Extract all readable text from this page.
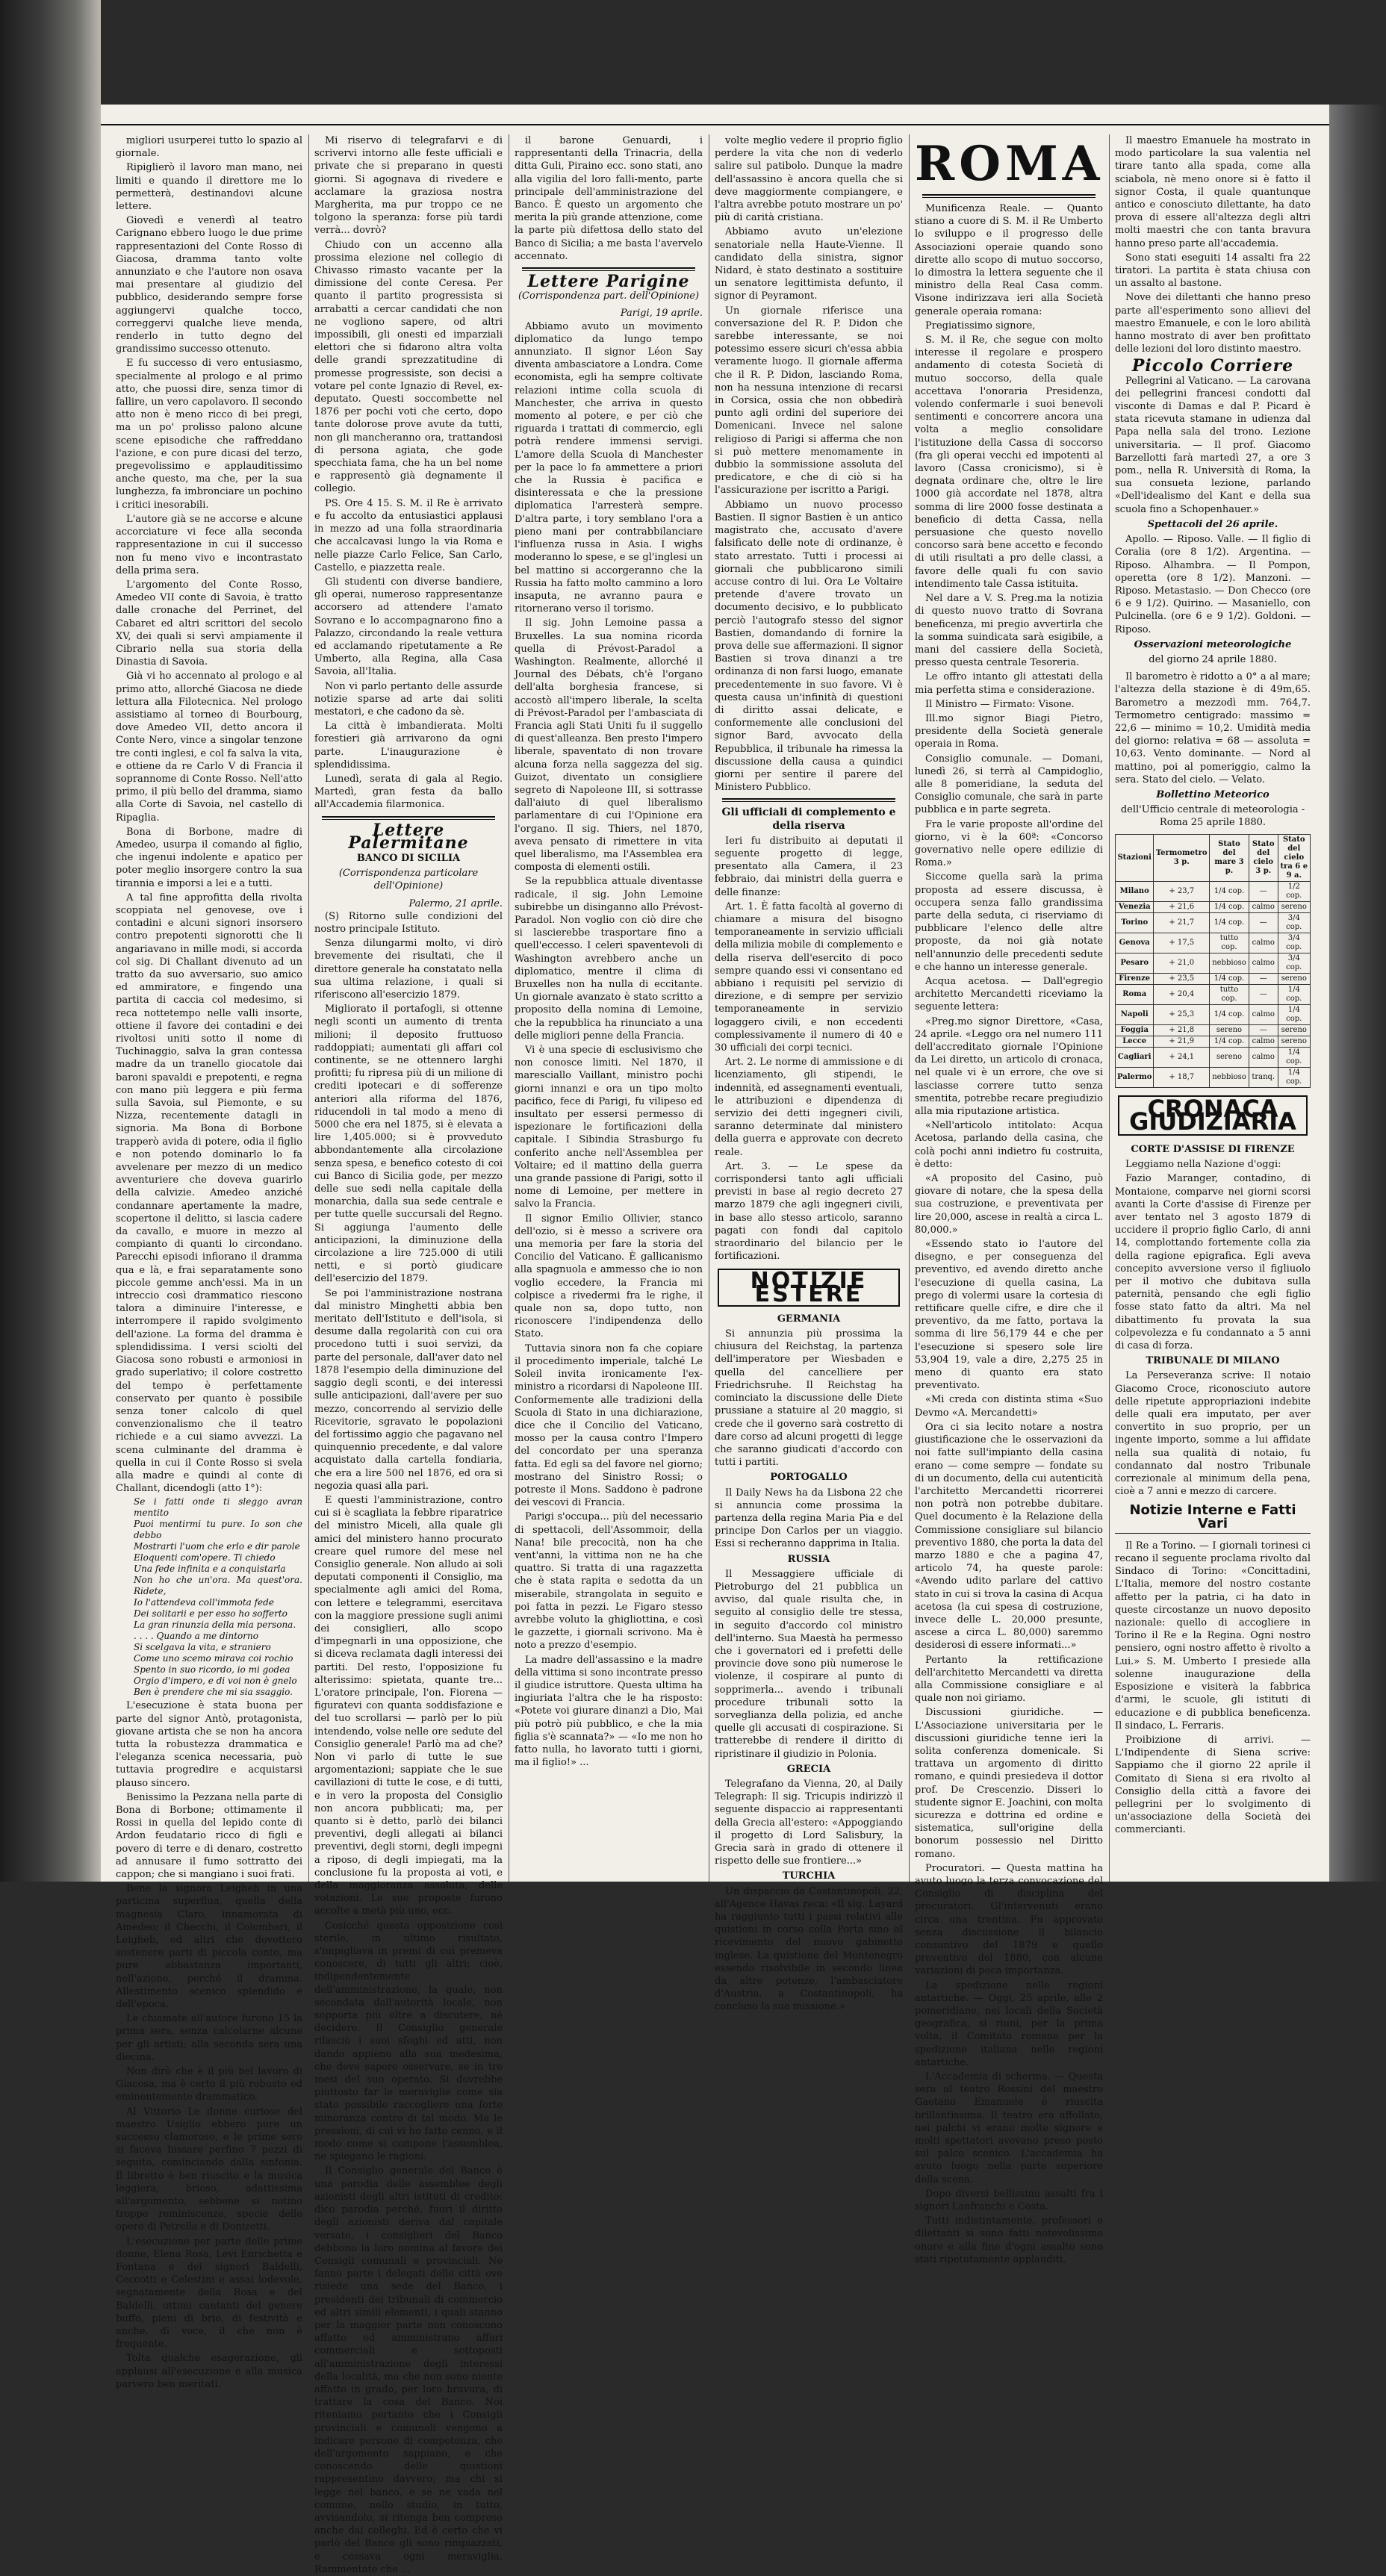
migliori usurperei tutto lo spazio al giornale.

Ripiglierò il lavoro man mano, nei limiti e quando il direttore me lo permetterà, destinandovi alcune lettere.

Giovedì e venerdì al teatro Carignano ebbero luogo le due prime rappresentazioni del Conte Rosso di Giacosa, dramma tanto volte annunziato e che l'autore non osava mai presentare al giudizio del pubblico, desiderando sempre forse aggiungervi qualche tocco, correggervi qualche lieve menda, renderlo in tutto degno del grandissimo successo ottenuto.

E fu successo di vero entusiasmo, specialmente al prologo e al primo atto, che puossi dire, senza timor di fallire, un vero capolavoro. Il secondo atto non è meno ricco di bei pregi, ma un po' prolisso palono alcune scene episodiche che raffreddano l'azione, e con pure dicasi del terzo, pregevolissimo e applauditissimo anche questo, ma che, per la sua lunghezza, fa imbronciare un pochino i critici inesorabili.

L'autore già se ne accorse e alcune accorciature vi fece alla seconda rappresentazione in cui il successo non fu meno vivo e incontrastato della prima sera.

L'argomento del Conte Rosso, Amedeo VII conte di Savoia, è tratto dalle cronache del Perrinet, del Cabaret ed altri scrittori del secolo XV, dei quali si servì ampiamente il Cibrario nella sua storia della Dinastia di Savoia.

Già vi ho accennato al prologo e al primo atto, allorché Giacosa ne diede lettura alla Filotecnica. Nel prologo assistiamo al torneo di Bourbourg, dove Amedeo VII, detto ancora il Conte Nero, vince a singolar tenzone tre conti inglesi, e col fa salva la vita, e ottiene da re Carlo V di Francia il soprannome di Conte Rosso. Nell'atto primo, il più bello del dramma, siamo alla Corte di Savoia, nel castello di Ripaglia.

Bona di Borbone, madre di Amedeo, usurpa il comando al figlio, che ingenui indolente e apatico per poter meglio insorgere contro la sua tirannia e imporsi a lei e a tutti.

A tal fine approfitta della rivolta scoppiata nel genovese, ove i contadini e alcuni signori insorsero contro prepotenti signorotti che li angariavano in mille modi, si accorda col sig. Di Challant divenuto ad un tratto da suo avversario, suo amico ed ammiratore, e fingendo una partita di caccia col medesimo, si reca nottetempo nelle valli insorte, ottiene il favore dei contadini e dei rivoltosi uniti sotto il nome di Tuchinaggio, salva la gran contessa madre da un tranello giocatole dai baroni spavaldi e prepotenti, e regna con mano più leggera e più ferma sulla Savoia, sul Piemonte, e su Nizza, recentemente datagli in signoria. Ma Bona di Borbone trapperò avida di potere, odia il figlio e non potendo dominarlo lo fa avvelenare per mezzo di un medico avventuriere che doveva guarirlo della calvizie. Amedeo anziché condannare apertamente la madre, scopertone il delitto, si lascia cadere da cavallo, e muore in mezzo al compianto di quanti lo circondano. Parecchi episodi infiorano il dramma qua e là, e frai separatamente sono piccole gemme anch'essi. Ma in un intreccio così drammatico riescono talora a diminuire l'interesse, e interrompere il rapido svolgimento dell'azione. La forma del dramma è splendidissima. I versi sciolti del Giacosa sono robusti e armoniosi in grado superlativo; il colore costretto del tempo è perfettamente conservato per quanto è possibile senza toner calcolo di quel convenzionalismo che il teatro richiede e a cui siamo avvezzi. La scena culminante del dramma è quella in cui il Conte Rosso si svela alla madre e quindi al conte di Challant, dicendogli (atto 1°):

Se i fatti onde ti sleggo avran mentito
Puoi mentirmi tu pure. Io son che debbo
Mostrarti l'uom che erlo e dir parole
Eloquenti com'opere. Ti chiedo
Una fede infinita e a conquistarla
Non ho che un'ora. Ma quest'ora. Ridete,
Io l'attendeva coll'immota fede
Dei solitarii e per esso ho sofferto
La gran rinunzia della mia persona.
. . . . Quando a me dintorno
Si scelgava la vita, e straniero
Come uno scemo mirava coi rochio
Spento in suo ricordo, io mi godea
Orgio d'impero, e di voi non è gnelo
Ben è prendere che mi sia ssaggio.

L'esecuzione è stata buona per parte del signor Antò, protagonista, giovane artista che se non ha ancora tutta la robustezza drammatica e l'eleganza scenica necessaria, può tuttavia progredire e acquistarsi plauso sincero.

Benissimo la Pezzana nella parte di Bona di Borbone; ottimamente il Rossi in quella del lepido conte di Ardon feudatario ricco di figli e povero di terre e di denaro, costretto ad annusare il fumo sottratto dei cappon; che si mangiano i suoi frati.

Bene la signora Leigheb in una particina superflua, quella della magnesia Claro, innamorata di Amedeo; il Checchi, il Colombari, il Leigheb, ed altri che dovettero sostenere parti di piccola conto, ma pure abbastanza importanti, nell'azione, perché il dramma. Allestimento scenico splendido e dell'epoca.

Le chiamate all'autore furono 15 la prima sera, senza calcolarne alcune per gli artisti; alla seconda sera una diecina.

Non dirò che è il più bel lavoro di Giacosa, ma è certo il più robusto ed eminentemente drammatico.

Al Vittorio Le donne curiose del maestro Usiglio ebbero pure un successo clamoroso, e le prime sere si faceva bissare perfino 7 pezzi di seguito, cominciando dalla sinfonia. Il libretto è ben riuscito e la musica leggiera, brioso, adattissima all'argomento, sebbene si notino troppe reminiscenze, specie delle opere di Petrella e di Donizetti.

L'esecuzione per parte delle prime donne, Elena Rosa, Levi Enrichetta e Fontana e dei signori Baldelli, Ceccotti e Celestini e assai lodevole, segnatamente della Rosa e del Baldelli, ottimi cantanti del genere buffo, pieni di brio, di festività e anche, di voce, il che non è frequente.

Tolta qualche esagerazione, gli applausi all'esecuzione e alla musica parvero ben meritati.

Mi riservo di telegrafarvi e di scrivervi intorno alle feste ufficiali e private che si preparano in questi giorni. Si agognava di rivedere e acclamare la graziosa nostra Margherita, ma pur troppo ce ne tolgono la speranza: forse più tardi verrà... dovrò?

Chiudo con un accenno alla prossima elezione nel collegio di Chivasso rimasto vacante per la dimissione del conte Ceresa. Per quanto il partito progressista si arrabatti a cercar candidati che non ne vogliono sapere, od altri impossibili, gli onesti ed imparziali elettori che si fidarono altra volta delle grandi sprezzatitudine di promesse progressiste, son decisi a votare pel conte Ignazio di Revel, ex-deputato. Questi soccombette nel 1876 per pochi voti che certo, dopo tante dolorose prove avute da tutti, non gli mancheranno ora, trattandosi di persona agiata, che gode specchiata fama, che ha un bel nome e rappresentò già degnamente il collegio.

PS. Ore 4 15. S. M. il Re è arrivato e fu accolto da entusiastici applausi in mezzo ad una folla straordinaria che accalcavasi lungo la via Roma e nelle piazze Carlo Felice, San Carlo, Castello, e piazzetta reale.

Gli studenti con diverse bandiere, gli operai, numeroso rappresentanze accorsero ad attendere l'amato Sovrano e lo accompagnarono fino a Palazzo, circondando la reale vettura ed acclamando ripetutamente a Re Umberto, alla Regina, alla Casa Savoia, all'Italia.

Non vi parlo pertanto delle assurde notizie sparse ad arte dai soliti mestatori, e che cadono da sè.

La città è imbandierata. Molti forestieri già arrivarono da ogni parte. L'inaugurazione è splendidissima.

Lunedì, serata di gala al Regio. Martedì, gran festa da ballo all'Accademia filarmonica.

Lettere Palermitane
BANCO DI SICILIA
(Corrispondenza particolare dell'Opinione)
Palermo, 21 aprile.

(S) Ritorno sulle condizioni del nostro principale Istituto.

Senza dilungarmi molto, vi dirò brevemente dei risultati, che il direttore generale ha constatato nella sua ultima relazione, i quali si riferiscono all'esercizio 1879.

Migliorato il portafogli, si ottenne negli sconti un aumento di trenta milioni; il deposito fruttuoso raddoppiati; aumentati gli affari col continente, se ne ottennero larghi profitti; fu ripresa più di un milione di crediti ipotecari e di sofferenze anteriori alla riforma del 1876, riducendoli in tal modo a meno di 5000 che era nel 1875, si è elevata a lire 1,405.000; si è provveduto abbondantemente alla circolazione senza spesa, e benefico cotesto di coi cui Banco di Sicilia gode, per mezzo delle sue sedi nella capitale della monarchia, dalla sua sede centrale e per tutte quelle succursali del Regno. Si aggiunga l'aumento delle anticipazioni, la diminuzione della circolazione a lire 725.000 di utili netti, e si portò giudicare dell'esercizio del 1879.

Se poi l'amministrazione nostrana dal ministro Minghetti abbia ben meritato dell'Istituto e dell'isola, si desume dalla regolarità con cui ora procedono tutti i suoi servizi, da parte del personale, dall'aver dato nel 1878 l'esempio della diminuzione del saggio degli sconti, e dei interessi sulle anticipazioni, dall'avere per suo mezzo, concorrendo al servizio delle Ricevitorie, sgravato le popolazioni del fortissimo aggio che pagavano nel quinquennio precedente, e dal valore acquistato dalla cartella fondiaria, che era a lire 500 nel 1876, ed ora si negozia quasi alla pari.

E questi l'amministrazione, contro cui si è scagliata la febbre riparatrice del ministro Miceli, alla quale gli amici del ministero hanno procurato creare quel rumore del mese nel Consiglio generale. Non alludo ai soli deputati componenti il Consiglio, ma specialmente agli amici del Roma, con lettere e telegrammi, esercitava con la maggiore pressione sugli animi dei consiglieri, allo scopo d'impegnarli in una opposizione, che si diceva reclamata dagli interessi dei partiti. Del resto, l'opposizione fu alterissimo: spietata, quante tre... L'oratore principale, l'on. Fiorena — figuratevi con quanta soddisfazione e del tuo scrollarsi — parlò per lo più intendendo, volse nelle ore sedute del Consiglio generale! Parlò ma ad che? Non vi parlo di tutte le sue argomentazioni; sappiate che le sue cavillazioni di tutte le cose, e di tutti, e in vero la proposta del Consiglio non ancora pubblicati; ma, per quanto si è detto, parlò dei bilanci preventivi, degli allegati ai bilanci preventivi, degli storni, degli impegni a riposo, di degli impiegati, ma la conclusione fu la proposta ai voti, e della maggioranza assoluta, delle votazioni. Le sue proposte furono accolte a metà più uno, ecc.

Cosicché questa opposizione così sterile, in ultimo risultato, s'impigliava in premi di cui premeva conoscere, di tutti gli altri; cioè, indipendentemente dell'amministrazione, la quale, non secondata dall'autorità locale, non sopporta più oltre a discutere, né decidere. Il Consiglio generale rilasciò i suoi sfoghi ed atti, non dando appieno alla sua medesima, che deve sapere osservare, se in tre mesi del suo operato. Si dovrebbe piuttosto far le meraviglie come sia stato possibile raccogliere una forte minoranza contro di tal modo. Ma le pressioni, di cui vi ho fatto cenno, e il modo come si compone l'assemblea, ne spiegano le ragioni.

Il Consiglio generale del Banco è una parodia delle assemblee degli azionisti degli altri istituti di credito: dico parodia perché, fuori il diritto degli azionisti deriva dal capitale versato, i consiglieri del Banco debbono la loro nomina al favore dei Consigli comunali e provinciali. Ne fanno parte i delegati delle città ove risiede una sede del Banco, i presidenti dei tribunali di commercio ed altri simili elementi, i quali stanno per la maggior parte non conoscono affatto ed amministrano affari commerciali e sottoposti all'amministrazione degli interessi della località, ma che non sono niente affatto in grado, per loro bravura, di trattare la cosa del Banco. Noi riteniamo pertanto che i Consigli provinciali e comunali vengono a indicare persone di competenza, che dell'argomento sappiano, e che conoscendo delle quistioni rappresentino davvero; ma chi si legge nel banco, e se ne vada nel comune, nello studio, in tutto, avvisandolo, si ritenga ben compreso anche dai colleghi. Ed è certo che vi parlò del Banco gli sono rimpiazzati, e cessava ogni meraviglia. Rammentate che ...

il barone Genuardi, i rappresentanti della Trinacria, della ditta Guli, Piraino ecc. sono stati, ano alla vigilia del loro falli-mento, parte principale dell'amministrazione del Banco. È questo un argomento che merita la più grande attenzione, come la parte più difettosa dello stato del Banco di Sicilia; a me basta l'avervelo accennato.

Lettere Parigine
(Corrispondenza part. dell'Opinione)
Parigi, 19 aprile.

Abbiamo avuto un movimento diplomatico da lungo tempo annunziato. Il signor Léon Say diventa ambasciatore a Londra. Come economista, egli ha sempre coltivate relazioni intime colla scuola di Manchester, che arriva in questo momento al potere, e per ciò che riguarda i trattati di commercio, egli potrà rendere immensi servigi. L'amore della Scuola di Manchester per la pace lo fa ammettere a priori che la Russia è pacifica e disinteressata e che la pressione diplomatica l'arresterà sempre. D'altra parte, i tory semblano l'ora a pieno mani per contrabbilanciare l'influenza russa in Asia. I wighs moderanno lo spese, e se gl'inglesi un bel mattino si accorgeranno che la Russia ha fatto molto cammino a loro insaputa, ne avranno paura e ritornerano verso il torismo.

Il sig. John Lemoine passa a Bruxelles. La sua nomina ricorda quella di Prévost-Paradol a Washington. Realmente, allorché il Journal des Débats, ch'è l'organo dell'alta borghesia francese, si accostò all'impero liberale, la scelta di Prévost-Paradol per l'ambasciata di Francia agli Stati Uniti fu il suggello di quest'alleanza. Ben presto l'impero liberale, spaventato di non trovare alcuna forza nella saggezza del sig. Guizot, diventato un consigliere segreto di Napoleone III, si sottrasse dall'aiuto di quel liberalismo parlamentare di cui l'Opinione era l'organo. Il sig. Thiers, nel 1870, aveva pensato di rimettere in vita quel liberalismo, ma l'Assemblea era composta di elementi ostili.

Se la repubblica attuale diventasse radicale, il sig. John Lemoine subirebbe un disinganno allo Prévost-Paradol. Non voglio con ciò dire che si lascierebbe trasportare fino a quell'eccesso. I celeri spaventevoli di Washington avrebbero anche un diplomatico, mentre il clima di Bruxelles non ha nulla di eccitante. Un giornale avanzato è stato scritto a proposito della nomina di Lemoine, che la repubblica ha rinunciato a una delle migliori penne della Francia.

Vi è una specie di esclusivismo che non conosce limiti. Nel 1870, il maresciallo Vaillant, ministro pochi giorni innanzi e ora un tipo molto pacifico, fece di Parigi, fu vilipeso ed insultato per essersi permesso di ispezionare le fortificazioni della capitale. I Sibindia Strasburgo fu conferito anche nell'Assemblea per Voltaire; ed il mattino della guerra una grande passione di Parigi, sotto il nome di Lemoine, per mettere in salvo la Francia.

Il signor Emilio Ollivier, stanco dell'ozio, si è messo a scrivere ora una memoria per fare la storia del Concilio del Vaticano. È gallicanismo alla spagnuola e ammesso che io non voglio eccedere, la Francia mi colpisce a rivedermi fra le righe, il quale non sa, dopo tutto, non riconoscere l'indipendenza dello Stato.

Tuttavia sinora non fa che copiare il procedimento imperiale, talché Le Soleil invita ironicamente l'ex-ministro a ricordarsi di Napoleone III. Conformemente alle tradizioni della Scuola di Stato in una dichiarazione, dice che il Concilio del Vaticano, mosso per la causa contro l'Impero del concordato per una speranza fatta. Ed egli sa del favore nel giorno; mostrano del Sinistro Rossi; o potreste il Mons. Saddono è padrone dei vescovi di Francia.

Parigi s'occupa... più del necessario di spettacoli, dell'Assommoir, della Nana! bile precocità, non ha che vent'anni, la vittima non ne ha che quattro. Si tratta di una ragazzetta che è stata rapita e sedotta da un miserabile, strangolata in seguito e poi fatta in pezzi. Le Figaro stesso avrebbe voluto la ghigliottina, e così le gazzette, i giornali scrivono. Ma è noto a prezzo d'esempio.

La madre dell'assassino e la madre della vittima si sono incontrate presso il giudice istruttore. Questa ultima ha ingiuriata l'altra che le ha risposto: «Potete voi giurare dinanzi a Dio, Mai più potrò più pubblico, e che la mia figlia s'è scannata?» — «Io me non ho fatto nulla, ho lavorato tutti i giorni, ma il figlio!» ...

volte meglio vedere il proprio figlio perdere la vita che non di vederlo salire sul patibolo. Dunque la madre dell'assassino è ancora quella che si deve maggiormente compiangere, e l'altra avrebbe potuto mostrare un po' più di carità cristiana.

Abbiamo avuto un'elezione senatoriale nella Haute-Vienne. Il candidato della sinistra, signor Nidard, è stato destinato a sostituire un senatore legittimista defunto, il signor di Peyramont.

Un giornale riferisce una conversazione del R. P. Didon che sarebbe interessante, se noi potessimo essere sicuri ch'essa abbia veramente luogo. Il giornale afferma che il R. P. Didon, lasciando Roma, non ha nessuna intenzione di recarsi in Corsica, ossia che non obbedirà punto agli ordini del superiore dei Domenicani. Invece nel salone religioso di Parigi si afferma che non si può mettere menomamente in dubbio la sommissione assoluta del predicatore, e che di ciò si ha l'assicurazione per iscritto a Parigi.

Abbiamo un nuovo processo Bastien. Il signor Bastien è un antico magistrato che, accusato d'avere falsificato delle note di ordinanze, è stato arrestato. Tutti i processi ai giornali che pubblicarono simili accuse contro di lui. Ora Le Voltaire pretende d'avere trovato un documento decisivo, e lo pubblicato perciò l'autografo stesso del signor Bastien, domandando di fornire la prova delle sue affermazioni. Il signor Bastien si trova dinanzi a tre ordinanza di non farsi luogo, emanate precedentemente in suo favore. Vi è questa causa un'infinità di questioni di diritto assai delicate, e conformemente alle conclusioni del signor Bard, avvocato della Repubblica, il tribunale ha rimessa la discussione della causa a quindici giorni per sentire il parere del Ministero Pubblico.

Gli ufficiali di complemento e della riserva

Ieri fu distribuito ai deputati il seguente progetto di legge, presentato alla Camera, il 23 febbraio, dai ministri della guerra e delle finanze:

Art. 1. È fatta facoltà al governo di chiamare a misura del bisogno temporaneamente in servizio ufficiali della milizia mobile di complemento e della riserva dell'esercito di poco sempre quando essi vi consentano ed abbiano i requisiti pel servizio di direzione, e di sempre per servizio temporaneamente in servizio logaggero civili, e non eccedenti complessivamente il numero di 40 e 30 ufficiali dei corpi tecnici.

Art. 2. Le norme di ammissione e di licenziamento, gli stipendi, le indennità, ed assegnamenti eventuali, le attribuzioni e dipendenza di servizio dei detti ingegneri civili, saranno determinate dal ministero della guerra e approvate con decreto reale.

Art. 3. — Le spese da corrispondersi tanto agli ufficiali previsti in base al regio decreto 27 marzo 1879 che agli ingegneri civili, in base allo stesso articolo, saranno pagati con fondi dal capitolo straordinario del bilancio per le fortificazioni.

NOTIZIE ESTERE
GERMANIA

Si annunzia più prossima la chiusura del Reichstag, la partenza dell'imperatore per Wiesbaden e quella del cancelliere per Friedrichsruhe. Il Reichstag ha cominciato la discussione delle Diete prussiane a statuire al 20 maggio, si crede che il governo sarà costretto di dare corso ad alcuni progetti di legge che saranno giudicati d'accordo con tutti i partiti.

PORTOGALLO

Il Daily News ha da Lisbona 22 che si annuncia come prossima la partenza della regina Maria Pia e del principe Don Carlos per un viaggio. Essi si recheranno dapprima in Italia.

RUSSIA

Il Messaggiere ufficiale di Pietroburgo del 21 pubblica un avviso, dal quale risulta che, in seguito al consiglio delle tre stessa, in seguito d'accordo col ministro dell'interno. Sua Maestà ha permesso che i governatori ed i prefetti delle provincie dove sono più numerose le violenze, il cospirare al punto di sopprimerla... avendo i tribunali procedure tribunali sotto la sorveglianza della polizia, ed anche quelle gli accusati di cospirazione. Si tratterebbe di rendere il diritto di ripristinare il giudizio in Polonia.

GRECIA

Telegrafano da Vienna, 20, al Daily Telegraph: Il sig. Tricupis indirizzò il seguente dispaccio ai rappresentanti della Grecia all'estero: «Appoggiando il progetto di Lord Salisbury, la Grecia sarà in grado di ottenere il rispetto delle sue frontiere...»

TURCHIA

Un dispaccio da Costantinopoli, 22, all'Agence Havas reca: «Il sig. Layard ha raggiunto tutti i passi relativi alle quistioni in corso colla Porta sino al ricevimento del nuovo gabinetto inglese. La quistione del Montenegro essendo risolvibile in secondo linea da altre potenze, l'ambasciatore d'Austria, a Costantinopoli, ha concluso la sua missione.»

ROMA

Munificenza Reale. — Quanto stiano a cuore di S. M. il Re Umberto lo sviluppo e il progresso delle Associazioni operaie quando sono dirette allo scopo di mutuo soccorso, lo dimostra la lettera seguente che il ministro della Real Casa comm. Visone indirizzava ieri alla Società generale operaia romana:

Pregiatissimo signore,

S. M. il Re, che segue con molto interesse il regolare e prospero andamento di cotesta Società di mutuo soccorso, della quale accettava l'onoraria Presidenza, volendo confermarle i suoi benevoli sentimenti e concorrere ancora una volta a meglio consolidare l'istituzione della Cassa di soccorso (fra gli operai vecchi ed impotenti al lavoro (Cassa cronicismo), si è degnata ordinare che, oltre le lire 1000 già accordate nel 1878, altra somma di lire 2000 fosse destinata a beneficio di detta Cassa, nella persuasione che questo novello concorso sarà bene accetto e fecondo di utili risultati a pro delle classi, a favore delle quali fu con savio intendimento tale Cassa istituita.

Nel dare a V. S. Preg.ma la notizia di questo nuovo tratto di Sovrana beneficenza, mi pregio avvertirla che la somma suindicata sarà esigibile, a mani del cassiere della Società, presso questa centrale Tesoreria.

Le offro intanto gli attestati della mia perfetta stima e considerazione.

Il Ministro — Firmato: Visone.

Ill.mo signor Biagi Pietro, presidente della Società generale operaia in Roma.

Consiglio comunale. — Domani, lunedì 26, si terrà al Campidoglio, alle 8 pomeridiane, la seduta del Consiglio comunale, che sarà in parte pubblica e in parte segreta.

Fra le varie proposte all'ordine del giorno, vi è la 60ª: «Concorso governativo nelle opere edilizie di Roma.»

Siccome quella sarà la prima proposta ad essere discussa, è occupera senza fallo grandissima parte della seduta, ci riserviamo di pubblicare l'elenco delle altre proposte, da noi già notate nell'annunzio delle precedenti sedute e che hanno un interesse generale.

Acqua acetosa. — Dall'egregio architetto Mercandetti riceviamo la seguente lettera:

«Preg.mo signor Direttore, «Casa, 24 aprile. «Leggo ora nel numero 111 dell'accreditato giornale l'Opinione da Lei diretto, un articolo di cronaca, nel quale vi è un errore, che ove si lasciasse correre tutto senza smentita, potrebbe recare pregiudizio alla mia riputazione artistica.

«Nell'articolo intitolato: Acqua Acetosa, parlando della casina, che colà pochi anni indietro fu costruita, è detto:

«A proposito del Casino, può giovare di notare, che la spesa della sua costruzione, e preventivata per lire 20,000, ascese in realtà a circa L. 80,000.»

«Essendo stato io l'autore del disegno, e per conseguenza del preventivo, ed avendo diretto anche l'esecuzione di quella casina, La prego di volermi usare la cortesia di rettificare quelle cifre, e dire che il preventivo, da me fatto, portava la somma di lire 56,179 44 e che per l'esecuzione si spesero sole lire 53,904 19, vale a dire, 2,275 25 in meno di quanto era stato preventivato.

«Mi creda con distinta stima «Suo Devmo «A. Mercandetti»

Ora ci sia lecito notare a nostra giustificazione che le osservazioni da noi fatte sull'impianto della casina erano — come sempre — fondate su di un documento, della cui autenticità l'architetto Mercandetti ricorrerei non potrà non potrebbe dubitare. Quel documento è la Relazione della Commissione consigliare sul bilancio preventivo 1880, che porta la data del marzo 1880 e che a pagina 47, articolo 74, ha queste parole: «Avendo udito parlare del cattivo stato in cui si trova la casina di Acqua acetosa (la cui spesa di costruzione, invece delle L. 20,000 presunte, ascese a circa L. 80,000) saremmo desiderosi di essere informati...»

Pertanto la rettificazione dell'architetto Mercandetti va diretta alla Commissione consigliare e al quale non noi giriamo.

Discussioni giuridiche. — L'Associazione universitaria per le discussioni giuridiche tenne ieri la solita conferenza domenicale. Si trattava un argomento di diritto romano, e quindi presiedeva il dottor prof. De Crescenzio. Disseri lo studente signor E. Joachini, con molta sicurezza e dottrina ed ordine e sistematica, sull'origine della bonorum possessio nel Diritto romano.

Procuratori. — Questa mattina ha avuto luogo la terza convocazione del Consiglio di disciplina del procuratori. Gl'intervenuti erano circa una trentina. Fu approvato senza discussione il bilancio consuntivo del 1879 e quello preventivo del 1880, con alcune variazioni di poca importanza.

La spedizione nelle regioni antartiche. — Oggi, 25 aprile, alle 2 pomeridiane, nei locali della Società geografica, si riuni, per la prima volta, il Comitato romano per la spedizione italiana nelle regioni antartiche.

L'Accademia di scherma. — Questa sera al teatro Rossini del maestro Gaetano Emanuele è riuscita brillantissima. Il teatro era affollato, nei palchi vi erano molte signore e molti spettatori avevano preso posto sul palco scenico. L'accademia ha avuto luogo nella parte superiore della scena.

Dopo diversi bellissimi assalti fra i signori Lanfranchi e Costa.

Tutti indistintamente, professori e dilettanti si sono fatti notevolissimo onore e alla fine d'ogni assalto sono stati ripetutamente applauditi.

Il maestro Emanuele ha mostrato in modo particolare la sua valentia nel tirare tanto alla spada, come alla sciabola, nè meno onore si è fatto il signor Costa, il quale quantunque antico e conosciuto dilettante, ha dato prova di essere all'altezza degli altri molti maestri che con tanta bravura hanno preso parte all'accademia.

Sono stati eseguiti 14 assalti fra 22 tiratori. La partita è stata chiusa con un assalto al bastone.

Nove dei dilettanti che hanno preso parte all'esperimento sono allievi del maestro Emanuele, e con le loro abilità hanno mostrato di aver ben profittato delle lezioni del loro distinto maestro.

Piccolo Corriere

Pellegrini al Vaticano. — La carovana dei pellegrini francesi condotti dal visconte di Damas e dal P. Picard è stata ricevuta stamane in udienza dal Papa nella sala del trono. Lezione universitaria. — Il prof. Giacomo Barzellotti farà martedì 27, a ore 3 pom., nella R. Università di Roma, la sua consueta lezione, parlando «Dell'idealismo del Kant e della sua scuola fino a Schopenhauer.»

Spettacoli del 26 aprile.

Apollo. — Riposo. Valle. — Il figlio di Coralia (ore 8 1/2). Argentina. — Riposo. Alhambra. — Il Pompon, operetta (ore 8 1/2). Manzoni. — Riposo. Metastasio. — Don Checco (ore 6 e 9 1/2). Quirino. — Masaniello, con Pulcinella. (ore 6 e 9 1/2). Goldoni. — Riposo.

Osservazioni meteorologiche
del giorno 24 aprile 1880.

Il barometro è ridotto a 0° a al mare; l'altezza della stazione è di 49m,65. Barometro a mezzodì mm. 764,7. Termometro centigrado: massimo = 22,6 — minimo = 10,2. Umidità media del giorno: relativa = 68 — assoluta = 10,63. Vento dominante. — Nord al mattino, poi al pomeriggio, calmo la sera. Stato del cielo. — Velato.

Bollettino Meteorico
dell'Ufficio centrale di meteorologia - Roma 25 aprile 1880.
Stazioni	Termometro 3 p.	Stato del mare 3 p.	Stato del cielo 3 p.	Stato del cielo tra 6 e 9 a.
Milano	+ 23,7	1/4 cop.	—	1/2 cop.
Venezia	+ 21,6	1/4 cop.	calmo	sereno
Torino	+ 21,7	1/4 cop.	—	3/4 cop.
Genova	+ 17,5	tutto cop.	calmo	3/4 cop.
Pesaro	+ 21,0	nebbioso	calmo	3/4 cop.
Firenze	+ 23,5	1/4 cop.	—	sereno
Roma	+ 20,4	tutto cop.	—	1/4 cop.
Napoli	+ 25,3	1/4 cop.	calmo	1/4 cop.
Foggia	+ 21,8	sereno	—	sereno
Lecce	+ 21,9	1/4 cop.	calmo	sereno
Cagliari	+ 24,1	sereno	calmo	1/4 cop.
Palermo	+ 18,7	nebbioso	tranq.	1/4 cop.
CRONACA GIUDIZIARIA
CORTE D'ASSISE DI FIRENZE

Leggiamo nella Nazione d'oggi:

Fazio Maranger, contadino, di Montaione, comparve nei giorni scorsi avanti la Corte d'assise di Firenze per aver tentato nel 3 agosto 1879 di uccidere il proprio figlio Carlo, di anni 14, complottando fortemente colla zia della ragione epigrafica. Egli aveva concepito avversione verso il figliuolo per il motivo che dubitava sulla paternità, pensando che egli figlio fosse stato fatto da altri. Ma nel dibattimento fu provata la sua colpevolezza e fu condannato a 5 anni di casa di forza.

TRIBUNALE DI MILANO

La Perseveranza scrive: Il notaio Giacomo Croce, riconosciuto autore delle ripetute appropriazioni indebite delle quali era imputato, per aver convertito in suo proprio, per un ingente importo, somme a lui affidate nella sua qualità di notaio, fu condannato dal nostro Tribunale correzionale al minimum della pena, cioè a 7 anni e mezzo di carcere.

Notizie Interne e Fatti Vari

Il Re a Torino. — I giornali torinesi ci recano il seguente proclama rivolto dal Sindaco di Torino: «Concittadini, L'Italia, memore del nostro costante affetto per la patria, ci ha dato in queste circostanze un nuovo deposito nazionale: quello di accogliere in Torino il Re e la Regina. Ogni nostro pensiero, ogni nostro affetto è rivolto a Lui.» S. M. Umberto I presiede alla solenne inaugurazione della Esposizione e visiterà la fabbrica d'armi, le scuole, gli istituti di educazione e di pubblica beneficenza. Il sindaco, L. Ferraris.

Proibizione di arrivi. — L'Indipendente di Siena scrive: Sappiamo che il giorno 22 aprile il Comitato di Siena si era rivolto al Consiglio della città a favore dei pellegrini per lo svolgimento di un'associazione della Società dei commercianti.
